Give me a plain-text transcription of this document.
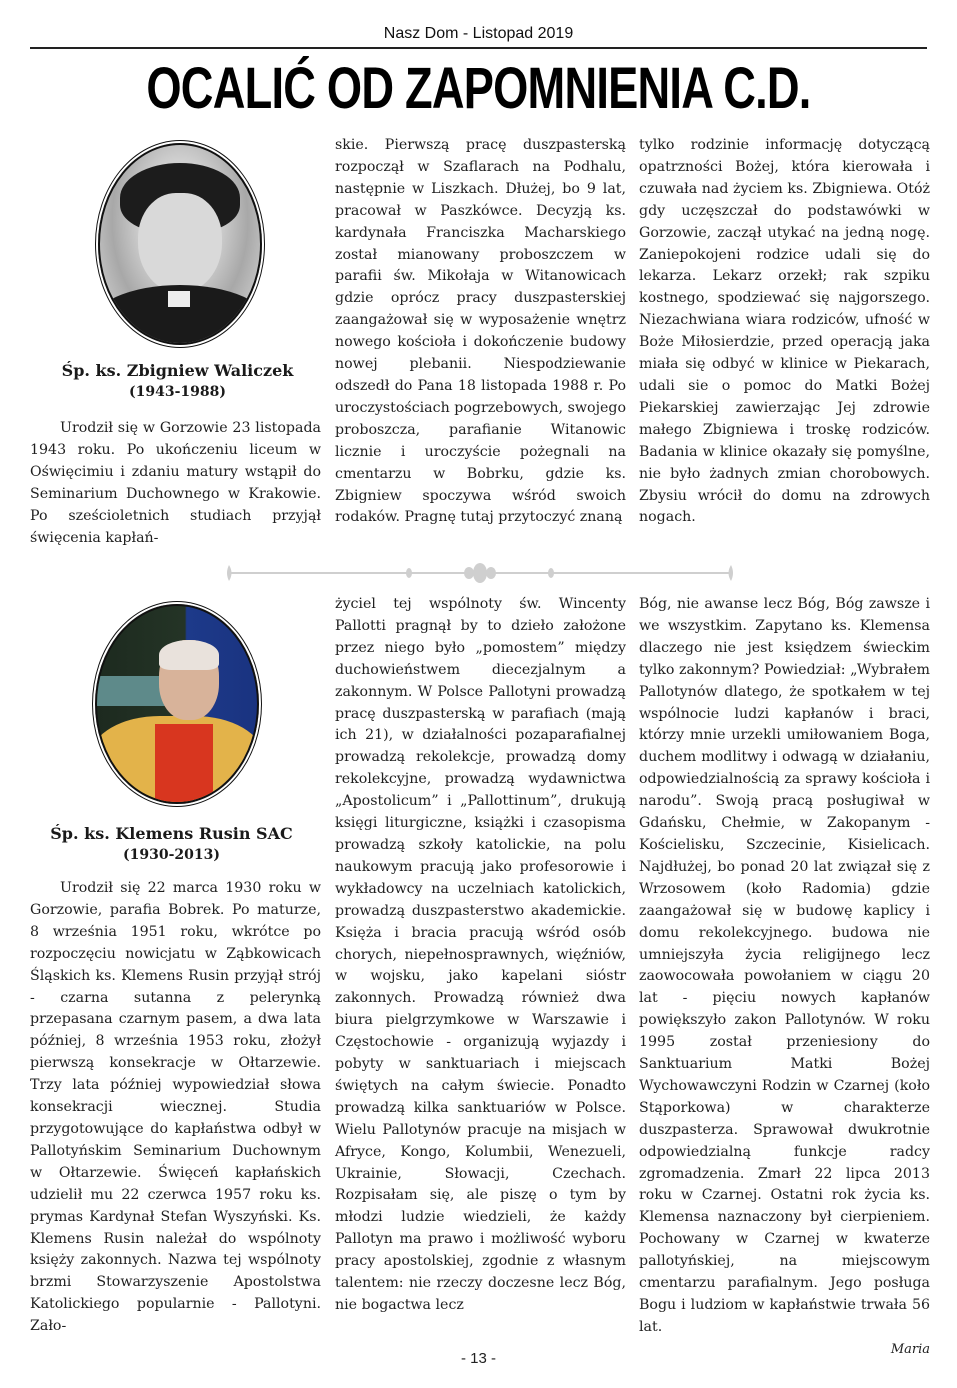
Nasz Dom - Listopad 2019
OCALIĆ OD ZAPOMNIENIA C.D.
Śp. ks. Zbigniew Waliczek
(1943-1988)

Urodził się w Gorzowie 23 listopada 1943 roku. Po ukończeniu liceum w Oświęcimiu i zdaniu matury wstąpił do Seminarium Duchownego w Krakowie. Po sześcioletnich studiach przyjął święcenia kapłań-

skie. Pierwszą pracę duszpasterską rozpoczął w Szaflarach na Podhalu, następnie w Liszkach. Dłużej, bo 9 lat, pracował w Paszkówce. Decyzją ks. kardynała Franciszka Macharskiego został mianowany proboszczem w parafii św. Mikołaja w Witanowicach gdzie oprócz pracy duszpasterskiej zaangażował się w wyposażenie wnętrz nowego kościoła i dokończenie budowy nowej plebanii. Niespodziewanie odszedł do Pana 18 listopada 1988 r. Po uroczystościach pogrzebowych, swojego proboszcza, parafianie Witanowic licznie i uroczyście pożegnali na cmentarzu w Bobrku, gdzie ks. Zbigniew spoczywa wśród swoich rodaków. Pragnę tutaj przytoczyć znaną

tylko rodzinie informację dotyczącą opatrzności Bożej, która kierowała i czuwała nad życiem ks. Zbigniewa. Otóż gdy uczęszczał do podstawówki w Gorzowie, zaczął utykać na jedną nogę. Zaniepokojeni rodzice udali się do lekarza. Lekarz orzekł; rak szpiku kostnego, spodziewać się najgorszego. Niezachwiana wiara rodziców, ufność w Boże Miłosierdzie, przed operacją jaka miała się odbyć w klinice w Piekarach, udali sie o pomoc do Matki Bożej Piekarskiej zawierzając Jej zdrowie małego Zbigniewa i troskę rodziców. Badania w klinice okazały się pomyślne, nie było żadnych zmian chorobowych. Zbysiu wrócił do domu na zdrowych nogach.

Śp. ks. Klemens Rusin SAC
(1930-2013)

Urodził się 22 marca 1930 roku w Gorzowie, parafia Bobrek. Po maturze, 8 września 1951 roku, wkrótce po rozpoczęciu nowicjatu w Ząbkowicach Śląskich ks. Klemens Rusin przyjął strój - czarna sutanna z pelerynką przepasana czarnym pasem, a dwa lata później, 8 września 1953 roku, złożył pierwszą konsekracje w Ołtarzewie. Trzy lata później wypowiedział słowa konsekracji wiecznej. Studia przygotowujące do kapłaństwa odbył w Pallotyńskim Seminarium Duchownym w Ołtarzewie. Święceń kapłańskich udzielił mu 22 czerwca 1957 roku ks. prymas Kardynał Stefan Wyszyński. Ks. Klemens Rusin należał do wspólnoty księży zakonnych. Nazwa tej wspólnoty brzmi Stowarzyszenie Apostolstwa Katolickiego popularnie - Pallotyni. Zało-

życiel tej wspólnoty św. Wincenty Pallotti pragnął by to dzieło założone przez niego było „pomostem” między duchowieństwem diecezjalnym a zakonnym. W Polsce Pallotyni prowadzą pracę duszpasterską w parafiach (mają ich 21), w działalności pozaparafialnej prowadzą rekolekcje, prowadzą domy rekolekcyjne, prowadzą wydawnictwa „Apostolicum” i „Pallottinum”, drukują księgi liturgiczne, książki i czasopisma prowadzą szkoły katolickie, na polu naukowym pracują jako profesorowie i wykładowcy na uczelniach katolickich, prowadzą duszpasterstwo akademickie. Księża i bracia pracują wśród osób chorych, niepełnosprawnych, więźniów, w wojsku, jako kapelani sióstr zakonnych. Prowadzą również dwa biura pielgrzymkowe w Warszawie i Częstochowie - organizują wyjazdy i pobyty w sanktuariach i miejscach świętych na całym świecie. Ponadto prowadzą kilka sanktuariów w Polsce. Wielu Pallotynów pracuje na misjach w Afryce, Kongo, Kolumbii, Wenezueli, Ukrainie, Słowacji, Czechach. Rozpisałam się, ale piszę o tym by młodzi ludzie wiedzieli, że każdy Pallotyn ma prawo i możliwość wyboru pracy apostolskiej, zgodnie z własnym talentem: nie rzeczy doczesne lecz Bóg, nie bogactwa lecz

Bóg, nie awanse lecz Bóg, Bóg zawsze i we wszystkim. Zapytano ks. Klemensa dlaczego nie jest księdzem świeckim tylko zakonnym? Powiedział: „Wybrałem Pallotynów dlatego, że spotkałem w tej wspólnocie ludzi kapłanów i braci, którzy mnie urzekli umiłowaniem Boga, duchem modlitwy i odwagą w działaniu, odpowiedzialnością za sprawy kościoła i narodu”. Swoją pracą posługiwał w Gdańsku, Chełmie, w Zakopanym - Kościelisku, Szczecinie, Kisielicach. Najdłużej, bo ponad 20 lat związał się z Wrzosowem (koło Radomia) gdzie zaangażował się w budowę kaplicy i domu rekolekcyjnego. budowa nie umniejszyła życia religijnego lecz zaowocowała powołaniem w ciągu 20 lat - pięciu nowych kapłanów powiększyło zakon Pallotynów. W roku 1995 został przeniesiony do Sanktuarium Matki Bożej Wychowawczyni Rodzin w Czarnej (koło Stąporkowa) w charakterze duszpasterza. Sprawował dwukrotnie odpowiedzialną funkcje radcy zgromadzenia. Zmarł 22 lipca 2013 roku w Czarnej. Ostatni rok życia ks. Klemensa naznaczony był cierpieniem. Pochowany w Czarnej w kwaterze pallotyńskiej, na miejscowym cmentarzu parafialnym. Jego posługa Bogu i ludziom w kapłaństwie trwała 56 lat.

Maria
- 13 -
